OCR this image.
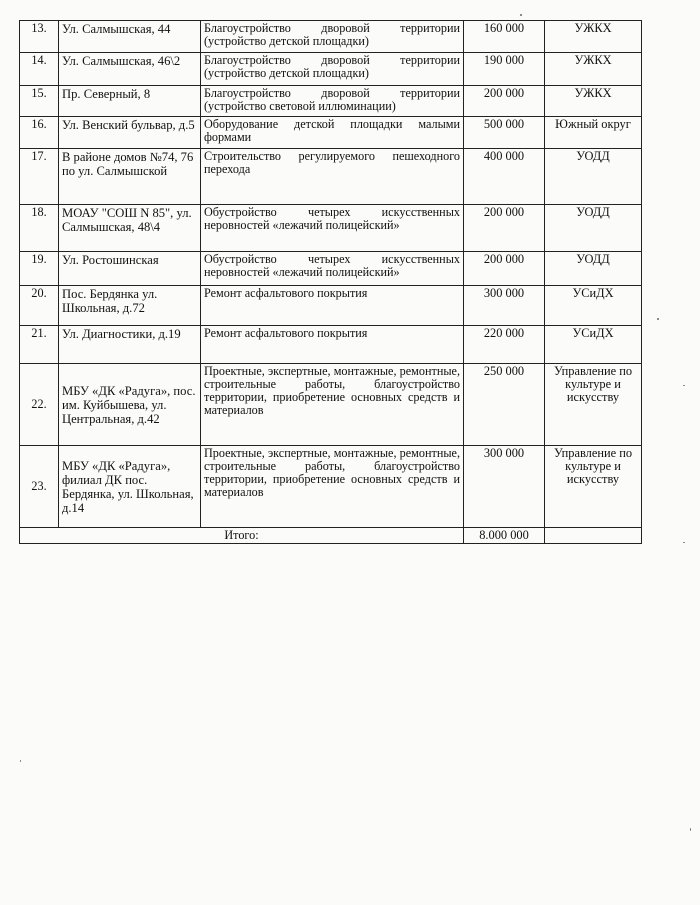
13.	Ул. Салмышская, 44	Благоустройство дворовой территории (устройство детской площадки)	160 000	УЖКХ
14.	Ул. Салмышская, 46\2	Благоустройство дворовой территории (устройство детской площадки)	190 000	УЖКХ
15.	Пр. Северный, 8	Благоустройство дворовой территории (устройство световой иллюминации)	200 000	УЖКХ
16.	Ул. Венский бульвар, д.5	Оборудование детской площадки малыми формами	500 000	Южный округ
17.	В районе домов №74, 76 по ул. Салмышской	Строительство регулируемого пешеходного перехода	400 000	УОДД
18.	МОАУ "СОШ N 85", ул. Салмышская, 48\4	Обустройство четырех искусственных неровностей «лежачий полицейский»	200 000	УОДД
19.	Ул. Ростошинская	Обустройство четырех искусственных неровностей «лежачий полицейский»	200 000	УОДД
20.	Пос. Бердянка ул. Школьная, д.72	Ремонт асфальтового покрытия	300 000	УСиДХ
21.	Ул. Диагностики, д.19	Ремонт асфальтового покрытия	220 000	УСиДХ
22.	МБУ «ДК «Радуга», пос. им. Куйбышева, ул. Центральная, д.42	Проектные, экспертные, монтажные, ремонтные, строительные работы, благоустройство территории, приобретение основных средств и материалов	250 000	Управление по культуре и искусству
23.	МБУ «ДК «Радуга», филиал ДК пос. Бердянка, ул. Школьная, д.14	Проектные, экспертные, монтажные, ремонтные, строительные работы, благоустройство территории, приобретение основных средств и материалов	300 000	Управление по культуре и искусству
Итого:			8.000 000	
